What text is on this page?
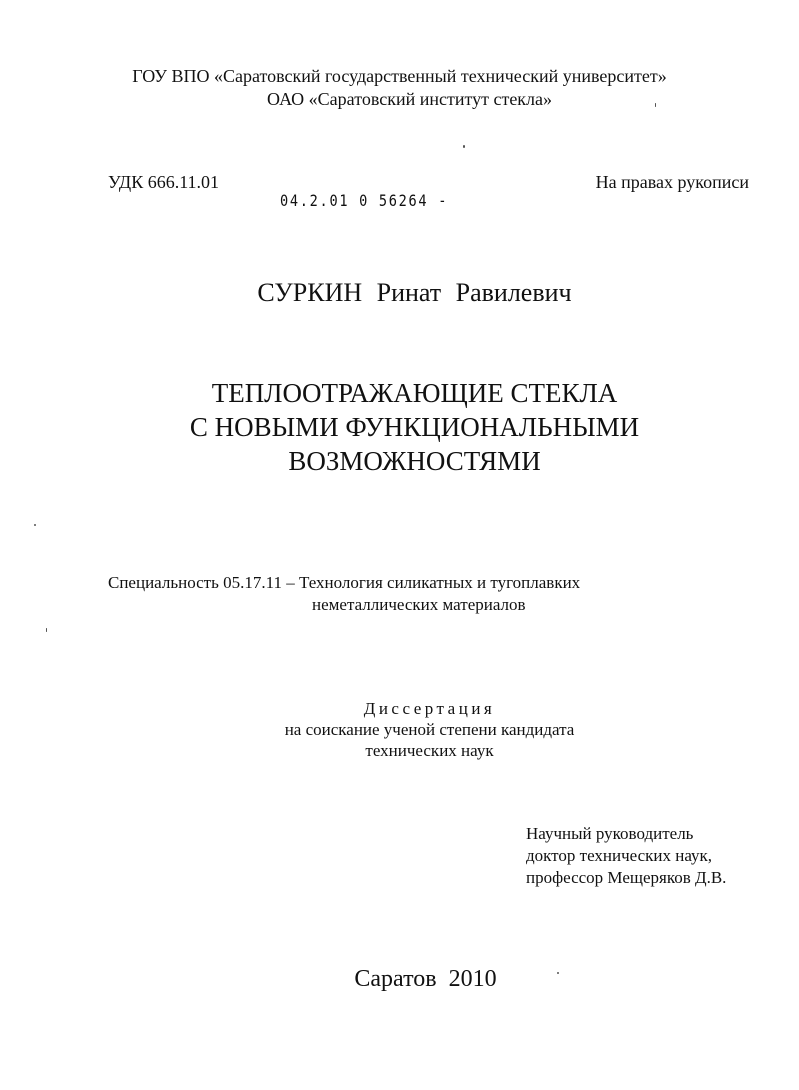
ГОУ ВПО «Саратовский государственный технический университет»
ОАО «Саратовский институт стекла»
УДК 666.11.01	На правах рукописи
04.2.01 0 56264 -
СУРКИН Ринат Равилевич
ТЕПЛООТРАЖАЮЩИЕ СТЕКЛА
С НОВЫМИ ФУНКЦИОНАЛЬНЫМИ
ВОЗМОЖНОСТЯМИ
Специальность 05.17.11 – Технология силикатных и тугоплавких
неметаллических материалов
Диссертация
на соискание ученой степени кандидата
технических наук
Научный руководитель
доктор технических наук,
профессор Мещеряков Д.В.
Саратов 2010
